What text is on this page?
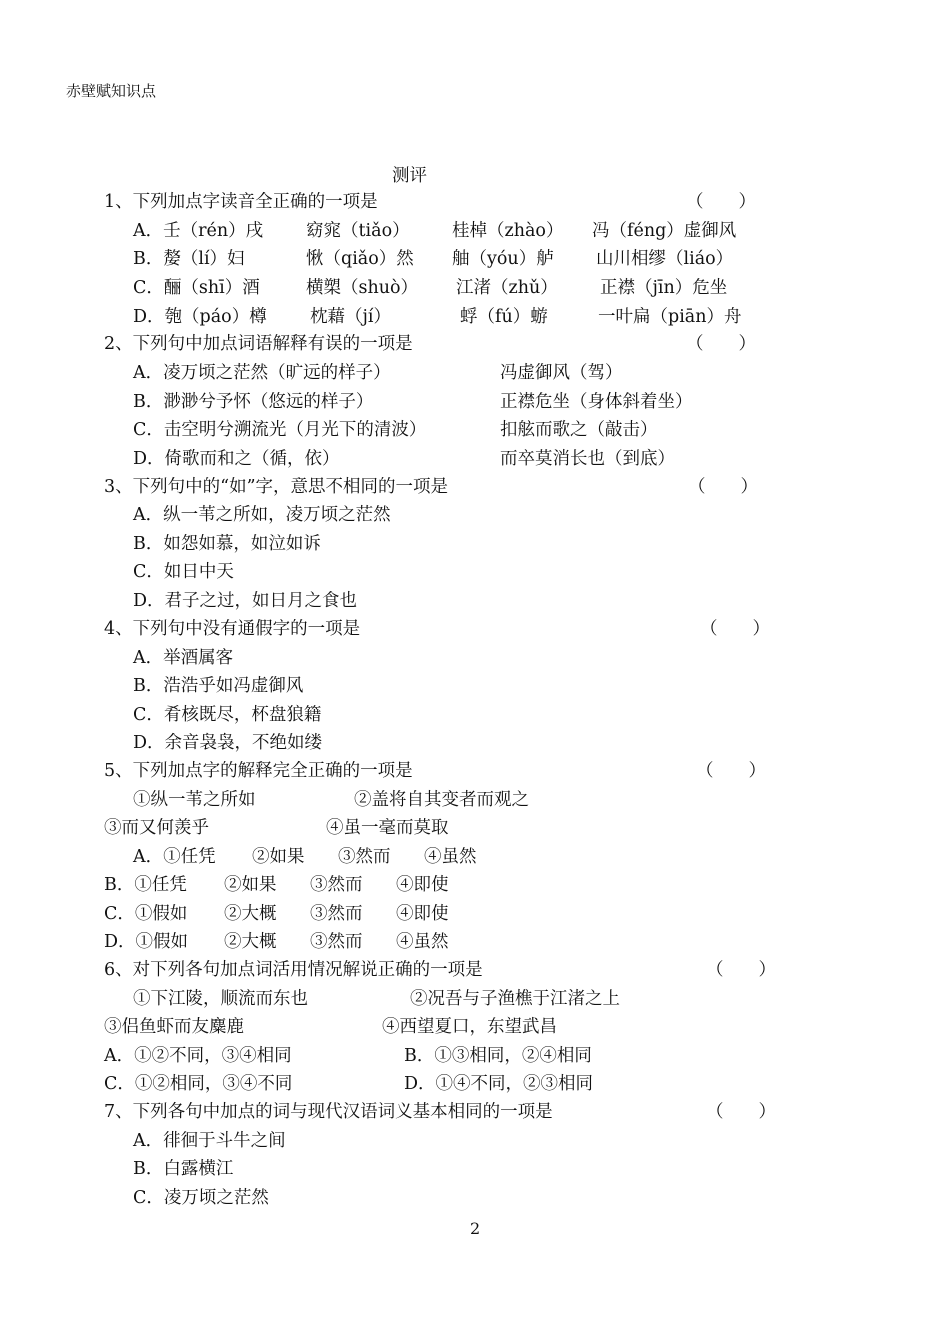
赤壁赋知识点
测评
1、下列加点字读音全正确的一项是	（　　）
A．壬（rén）戌 窈窕（tiǎo） 桂棹（zhào） 冯（féng）虚御风
B．嫠（lí）妇	愀（qiǎo）然 舳（yóu）舻 山川相缪（liáo）
C．酾（shī）酒	横槊（shuò） 江渚（zhǔ） 正襟（jīn）危坐
D．匏（páo）樽 枕藉（jí）	蜉（fú）蝣	一叶扁（piān）舟
2、下列句中加点词语解释有误的一项是	（　　）
A．凌万顷之茫然（旷远的样子）	冯虚御风（驾）
B．渺渺兮予怀（悠远的样子）	正襟危坐（身体斜着坐）
C．击空明兮溯流光（月光下的清波）	扣舷而歌之（敲击）
D．倚歌而和之（循，依）	而卒莫消长也（到底）
3、下列句中的“如”字，意思不相同的一项是	（　　）
A．纵一苇之所如，凌万顷之茫然
B．如怨如慕，如泣如诉
C．如日中天
D．君子之过，如日月之食也
4、下列句中没有通假字的一项是	（　　）
A．举酒属客
B．浩浩乎如冯虚御风
C．肴核既尽，杯盘狼籍
D．余音袅袅，不绝如缕
5、下列加点字的解释完全正确的一项是	（　　）
①纵一苇之所如	②盖将自其变者而观之
③而又何羡乎	④虽一毫而莫取
A．①任凭 ②如果 ③然而 ④虽然
B．①任凭 ②如果 ③然而 ④即使
C．①假如 ②大概 ③然而 ④即使
D．①假如 ②大概 ③然而 ④虽然
6、对下列各句加点词活用情况解说正确的一项是	（　　）
①下江陵，顺流而东也	②况吾与子渔樵于江渚之上
③侣鱼虾而友麋鹿	④西望夏口，东望武昌
A．①②不同，③④相同	B．①③相同，②④相同
C．①②相同，③④不同	D．①④不同，②③相同
7、下列各句中加点的词与现代汉语词义基本相同的一项是	（　　）
A．徘徊于斗牛之间
B．白露横江
C．凌万顷之茫然
2
